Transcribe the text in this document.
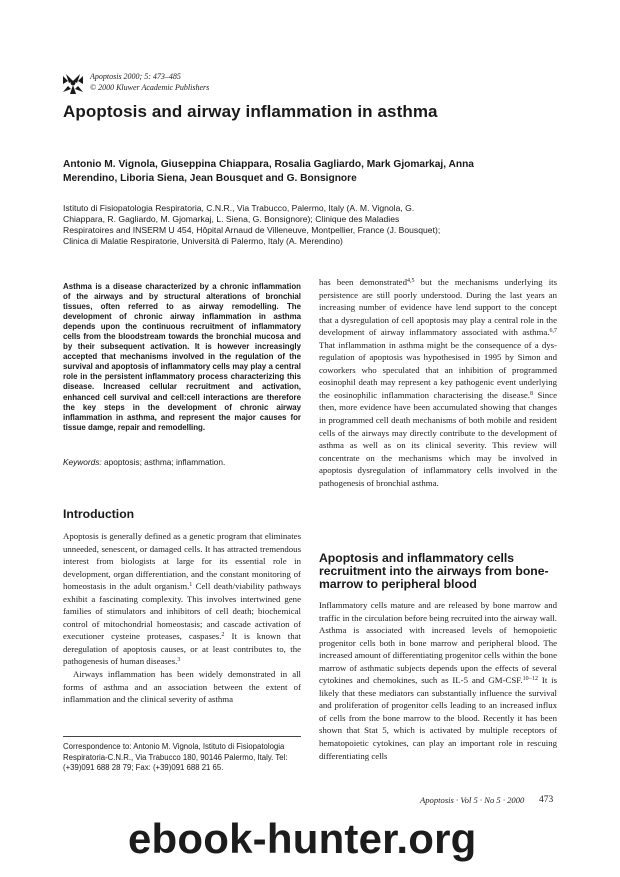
Apoptosis 2000; 5: 473–485
© 2000 Kluwer Academic Publishers
Apoptosis and airway inflammation in asthma

Antonio M. Vignola, Giuseppina Chiappara, Rosalia Gagliardo, Mark Gjomarkaj, Anna Merendino, Liboria Siena, Jean Bousquet and G. Bonsignore

Istituto di Fisiopatologia Respiratoria, C.N.R., Via Trabucco, Palermo, Italy (A. M. Vignola, G. Chiappara, R. Gagliardo, M. Gjomarkaj, L. Siena, G. Bonsignore); Clinique des Maladies Respiratoires and INSERM U 454, Hôpital Arnaud de Villeneuve, Montpellier, France (J. Bousquet); Clinica di Malatie Respiratorie, Università di Palermo, Italy (A. Merendino)

Asthma is a disease characterized by a chronic inflammation of the airways and by structural alterations of bronchial tissues, often referred to as airway remodelling. The development of chronic airway inflammation in asthma depends upon the continuous recruitment of inflammatory cells from the bloodstream towards the bronchial mucosa and by their subsequent activation. It is however increasingly accepted that mechanisms involved in the regulation of the survival and apoptosis of inflammatory cells may play a central role in the persistent inflammatory process characterizing this disease. Increased cellular recruitment and activation, enhanced cell survival and cell:cell interactions are therefore the key steps in the development of chronic airway inflammation in asthma, and represent the major causes for tissue damge, repair and remodelling.

Keywords: apoptosis; asthma; inflammation.

Introduction

Apoptosis is generally defined as a genetic program that eliminates unneeded, senescent, or damaged cells. It has attracted tremendous interest from biologists at large for its essential role in development, organ differentiation, and the constant monitoring of homeostasis in the adult organism.$^1$ Cell death/viability pathways exhibit a fascinating complexity. This involves intertwined gene families of stimulators and inhibitors of cell death; biochemical control of mitochondrial homeostasis; and cascade activation of executioner cysteine proteases, caspases.$^2$ It is known that deregulation of apoptosis causes, or at least contributes to, the pathogenesis of human diseases.$^3$

Airways inflammation has been widely demonstrated in all forms of asthma and an association between the extent of inflammation and the clinical severity of asthma

has been demonstrated$^{4,5}$ but the mechanisms underlying its persistence are still poorly understood. During the last years an increasing number of evidence have lend support to the concept that a dysregulation of cell apoptosis may play a central role in the development of airway inflammatory associated with asthma.$^{6,7}$ That inflammation in asthma might be the consequence of a dys-regulation of apoptosis was hypothesised in 1995 by Simon and coworkers who speculated that an inhibition of programmed eosinophil death may represent a key pathogenic event underlying the eosinophilic inflammation characterising the disease.$^8$ Since then, more evidence have been accumulated showing that changes in programmed cell death mechanisms of both mobile and resident cells of the airways may directly contribute to the development of asthma as well as on its clinical severity. This review will concentrate on the mechanisms which may be involved in apoptosis dysregulation of inflammatory cells involved in the pathogenesis of bronchial asthma.

Apoptosis and inflammatory cells recruitment into the airways from bone-marrow to peripheral blood

Inflammatory cells mature and are released by bone marrow and traffic in the circulation before being recruited into the airway wall. Asthma is associated with increased levels of hemopoietic progenitor cells both in bone marrow and peripheral blood. The increased amount of differentiating progenitor cells within the bone marrow of asthmatic subjects depends upon the effects of several cytokines and chemokines, such as IL-5 and GM-CSF.$^{10-12}$ It is likely that these mediators can substantially influence the survival and proliferation of progenitor cells leading to an increased influx of cells from the bone marrow to the blood. Recently it has been shown that Stat 5, which is activated by multiple receptors of hematopoietic cytokines, can play an important role in rescuing differentiating cells

Correspondence to: Antonio M. Vignola, Istituto di Fisiopatologia Respiratoria-C.N.R., Via Trabucco 180, 90146 Palermo, Italy. Tel: (+39)091 688 28 79; Fax: (+39)091 688 21 65.

Apoptosis · Vol 5 · No 5 · 2000 473
ebook-hunter.org
